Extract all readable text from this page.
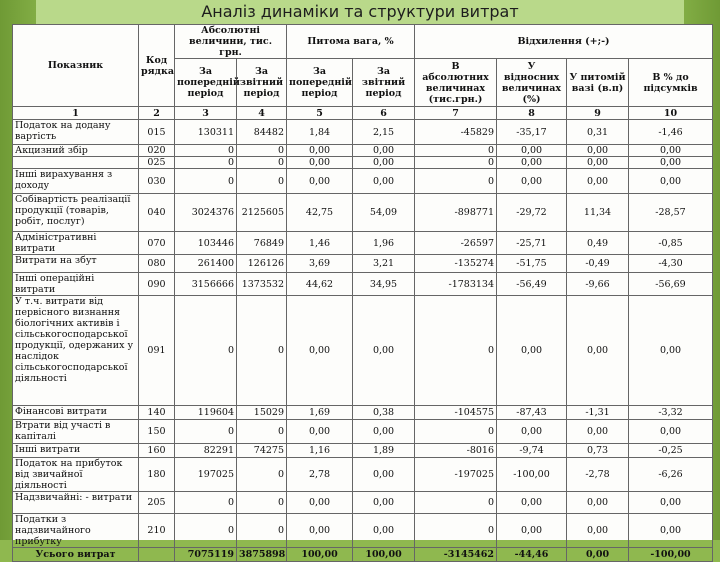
Аналіз динаміки та структури витрат
Показник	Код рядка	Абсолютні величини, тис. грн.		Питома вага, %		Відхилення (+;-)			
		За попередній період	За звітний період	За попередній період	За звітний період	В абсолютних величинах (тис.грн.)	У відносних величинах (%)	У питомій вазі (в.п)	В % до підсумків
1	2	3	4	5	6	7	8	9	10
Податок на додану вартість	015	130311	84482	1,84	2,15	-45829	-35,17	0,31	-1,46
Акцизний збір	020	0	0	0,00	0,00	0	0,00	0,00	0,00
	025	0	0	0,00	0,00	0	0,00	0,00	0,00
Інші вирахування з доходу	030	0	0	0,00	0,00	0	0,00	0,00	0,00
Собівартість реалізації продукції (товарів, робіт, послуг)	040	3024376	2125605	42,75	54,09	-898771	-29,72	11,34	-28,57
Адміністративні витрати	070	103446	76849	1,46	1,96	-26597	-25,71	0,49	-0,85
Витрати на збут	080	261400	126126	3,69	3,21	-135274	-51,75	-0,49	-4,30
Інші операційні витрати	090	3156666	1373532	44,62	34,95	-1783134	-56,49	-9,66	-56,69
У т.ч. витрати від первісного визнання біологічних активів і сільськогосподарської продукції, одержаних у наслідок сільськогосподарської діяльності	091	0	0	0,00	0,00	0	0,00	0,00	0,00
Фінансові витрати	140	119604	15029	1,69	0,38	-104575	-87,43	-1,31	-3,32
Втрати від участі в капіталі	150	0	0	0,00	0,00	0	0,00	0,00	0,00
Інші витрати	160	82291	74275	1,16	1,89	-8016	-9,74	0,73	-0,25
Податок на прибуток від звичайної діяльності	180	197025	0	2,78	0,00	-197025	-100,00	-2,78	-6,26
Надзвичайні: - витрати	205	0	0	0,00	0,00	0	0,00	0,00	0,00
Податки з надзвичайного прибутку	210	0	0	0,00	0,00	0	0,00	0,00	0,00
Усього витрат		7075119	3875898	100,00	100,00	-3145462	-44,46	0,00	-100,00
